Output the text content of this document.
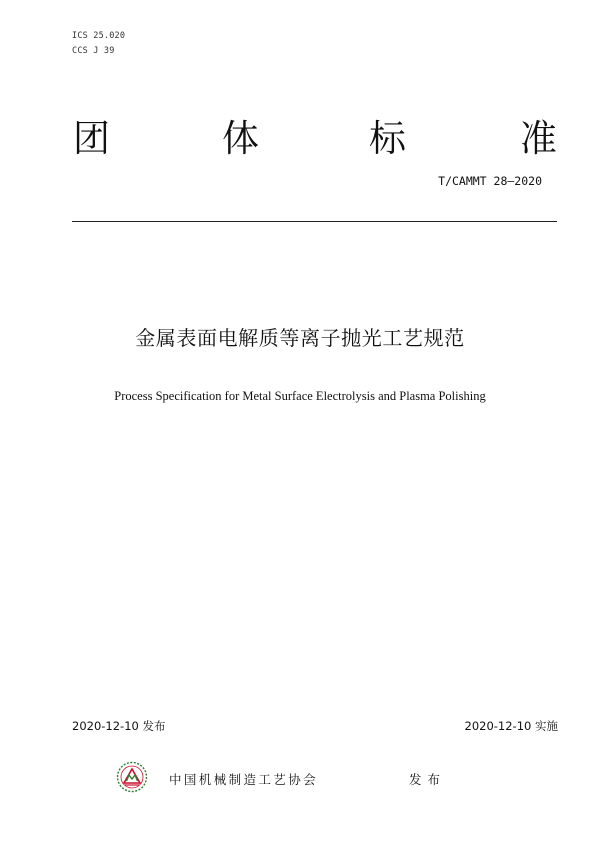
ICS 25.020
CCS J 39
团	体	标	准
T/CAMMT 28—2020
金属表面电解质等离子抛光工艺规范
Process Specification for Metal Surface Electrolysis and Plasma Polishing
2020-12-10 发布	2020-12-10 实施
中国机械制造工艺协会	发布
